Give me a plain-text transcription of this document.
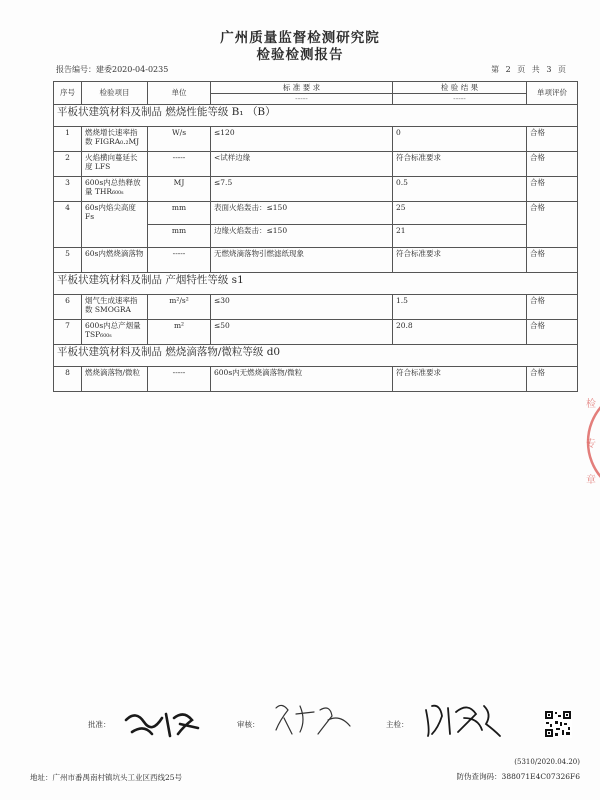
广州质量监督检测研究院
检验检测报告
报告编号：建委2020-04-0235	第 2 页 共 3 页
序号	检验项目	单位	标 准 要 求
-----	检 验 结 果
-----	单项评价
平板状建筑材料及制品 燃烧性能等级 B₁ （B）					
1	燃烧增长速率指数 FIGRA₀.₂MJ	W/s	≤120	0	合格
2	火焰横向蔓延长度 LFS	-----	<试样边缘	符合标准要求	合格
3	600s内总热释放量 THR₆₀₀ₛ	MJ	≤7.5	0.5	合格
4	60s内焰尖高度 Fs	mm	表面火焰轰击：≤150	25	合格
		mm	边缘火焰轰击：≤150	21	
5	60s内燃烧滴落物	-----	无燃烧滴落物引燃滤纸现象	符合标准要求	合格
平板状建筑材料及制品 产烟特性等级 s1					
6	烟气生成速率指数 SMOGRA	m²/s²	≤30	1.5	合格
7	600s内总产烟量 TSP₆₀₀ₛ	m²	≤50	20.8	合格
平板状建筑材料及制品 燃烧滴落物/微粒等级 d0					
8	燃烧滴落物/微粒	-----	600s内无燃烧滴落物/微粒	符合标准要求	合格
检
专
章
批准：	审核：	主检：
(5310/2020.04.20)
地址：广州市番禺南村镇坑头工业区西线25号	防伪查询码：388071E4C07326F6
